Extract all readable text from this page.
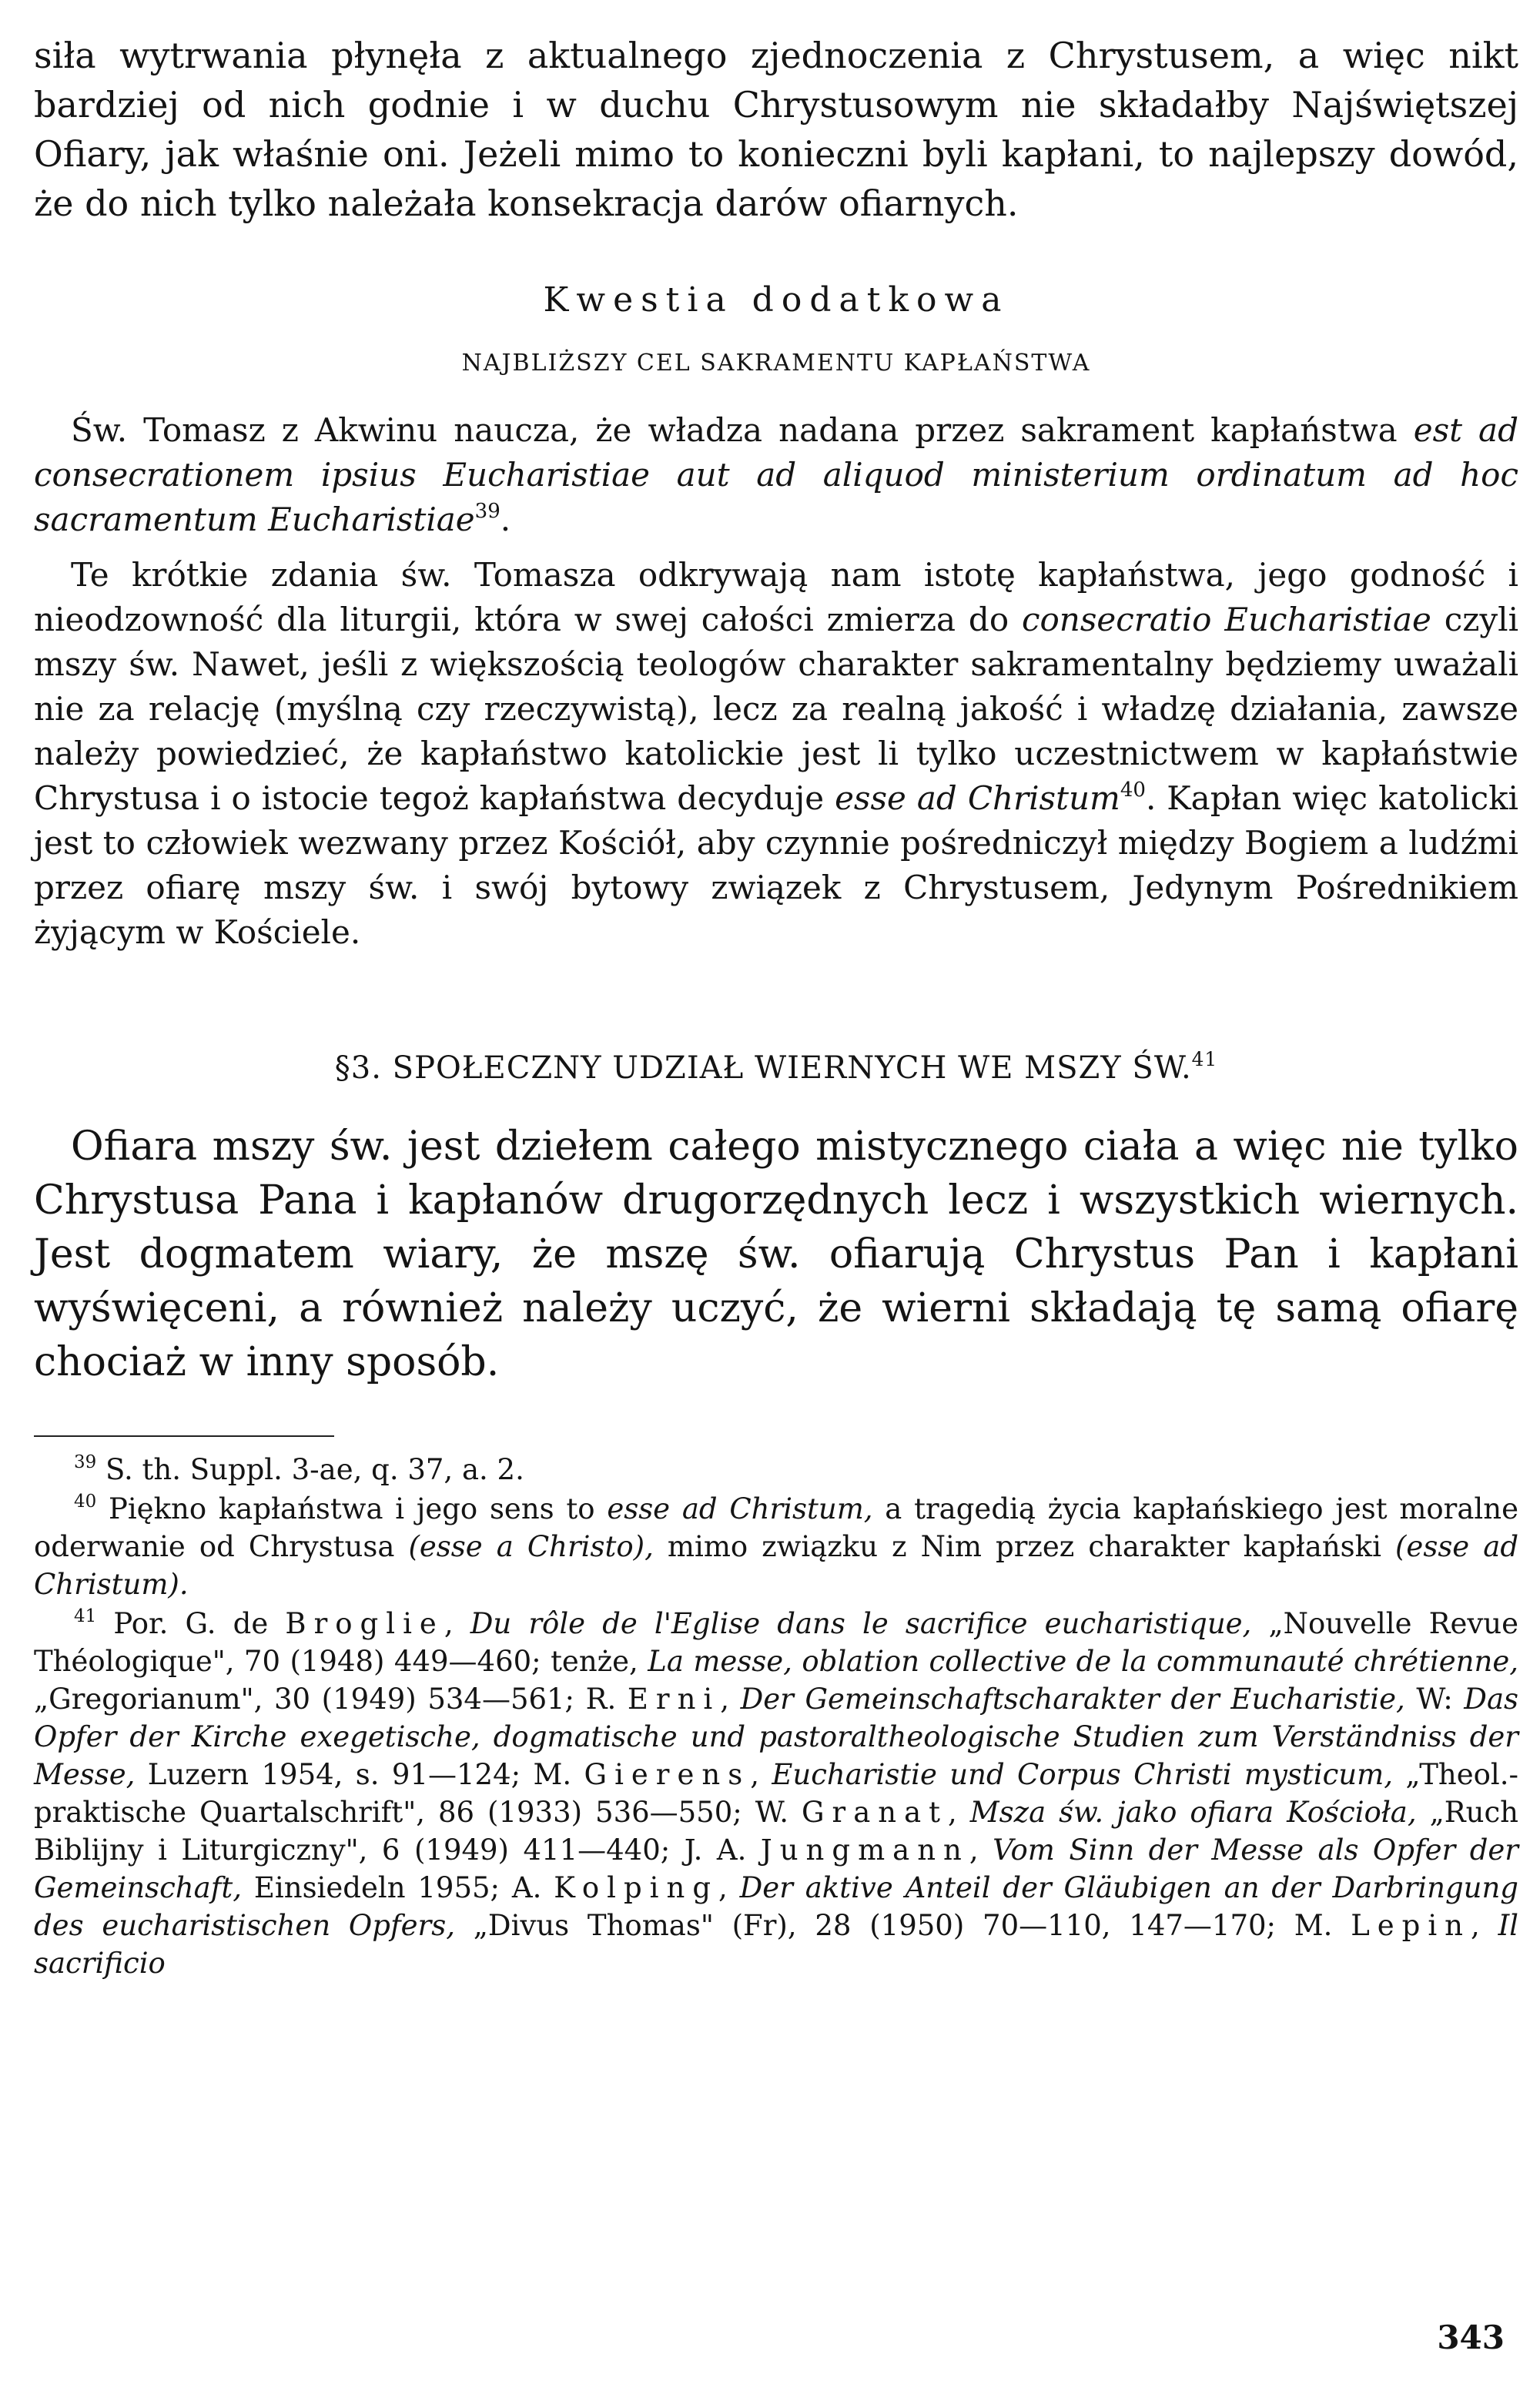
siła wytrwania płynęła z aktualnego zjednoczenia z Chrystusem, a więc nikt bardziej od nich godnie i w duchu Chrystusowym nie składałby Najświętszej Ofiary, jak właśnie oni. Jeżeli mimo to konieczni byli kapłani, to najlepszy dowód, że do nich tylko należała konsekracja darów ofiarnych.

Kwestia dodatkowa
NAJBLIŻSZY CEL SAKRAMENTU KAPŁAŃSTWA

Św. Tomasz z Akwinu naucza, że władza nadana przez sakrament kapłaństwa est ad consecrationem ipsius Eucharistiae aut ad aliquod ministerium ordinatum ad hoc sacramentum Eucharistiae$^{39}$.

Te krótkie zdania św. Tomasza odkrywają nam istotę kapłaństwa, jego godność i nieodzowność dla liturgii, która w swej całości zmierza do consecratio Eucharistiae czyli mszy św. Nawet, jeśli z większością teologów charakter sakramentalny będziemy uważali nie za relację (myślną czy rzeczywistą), lecz za realną jakość i władzę działania, zawsze należy powiedzieć, że kapłaństwo katolickie jest li tylko uczestnictwem w kapłaństwie Chrystusa i o istocie tegoż kapłaństwa decyduje esse ad Christum$^{40}$. Kapłan więc katolicki jest to człowiek wezwany przez Kościół, aby czynnie pośredniczył między Bogiem a ludźmi przez ofiarę mszy św. i swój bytowy związek z Chrystusem, Jedynym Pośrednikiem żyjącym w Kościele.

§3. SPOŁECZNY UDZIAŁ WIERNYCH WE MSZY ŚW.$^{41}$

Ofiara mszy św. jest dziełem całego mistycznego ciała a więc nie tylko Chrystusa Pana i kapłanów drugorzędnych lecz i wszystkich wiernych. Jest dogmatem wiary, że mszę św. ofiarują Chrystus Pan i kapłani wyświęceni, a również należy uczyć, że wierni składają tę samą ofiarę chociaż w inny sposób.

$^{39}$ S. th. Suppl. 3-ae, q. 37, a. 2.

$^{40}$ Piękno kapłaństwa i jego sens to esse ad Christum, a tragedią życia kapłańskiego jest moralne oderwanie od Chrystusa (esse a Christo), mimo związku z Nim przez charakter kapłański (esse ad Christum).

$^{41}$ Por. G. de Broglie, Du rôle de l'Eglise dans le sacrifice eucharistique, „Nouvelle Revue Théologique", 70 (1948) 449—460; tenże, La messe, oblation collective de la communauté chrétienne, „Gregorianum", 30 (1949) 534—561; R. Erni, Der Gemeinschaftscharakter der Eucharistie, W: Das Opfer der Kirche exegetische, dogmatische und pastoraltheologische Studien zum Verständniss der Messe, Luzern 1954, s. 91—124; M. Gierens, Eucharistie und Corpus Christi mysticum, „Theol.-praktische Quartalschrift", 86 (1933) 536—550; W. Granat, Msza św. jako ofiara Kościoła, „Ruch Biblijny i Liturgiczny", 6 (1949) 411—440; J. A. Jungmann, Vom Sinn der Messe als Opfer der Gemeinschaft, Einsiedeln 1955; A. Kolping, Der aktive Anteil der Gläubigen an der Darbringung des eucharistischen Opfers, „Divus Thomas" (Fr), 28 (1950) 70—110, 147—170; M. Lepin, Il sacrificio

343
